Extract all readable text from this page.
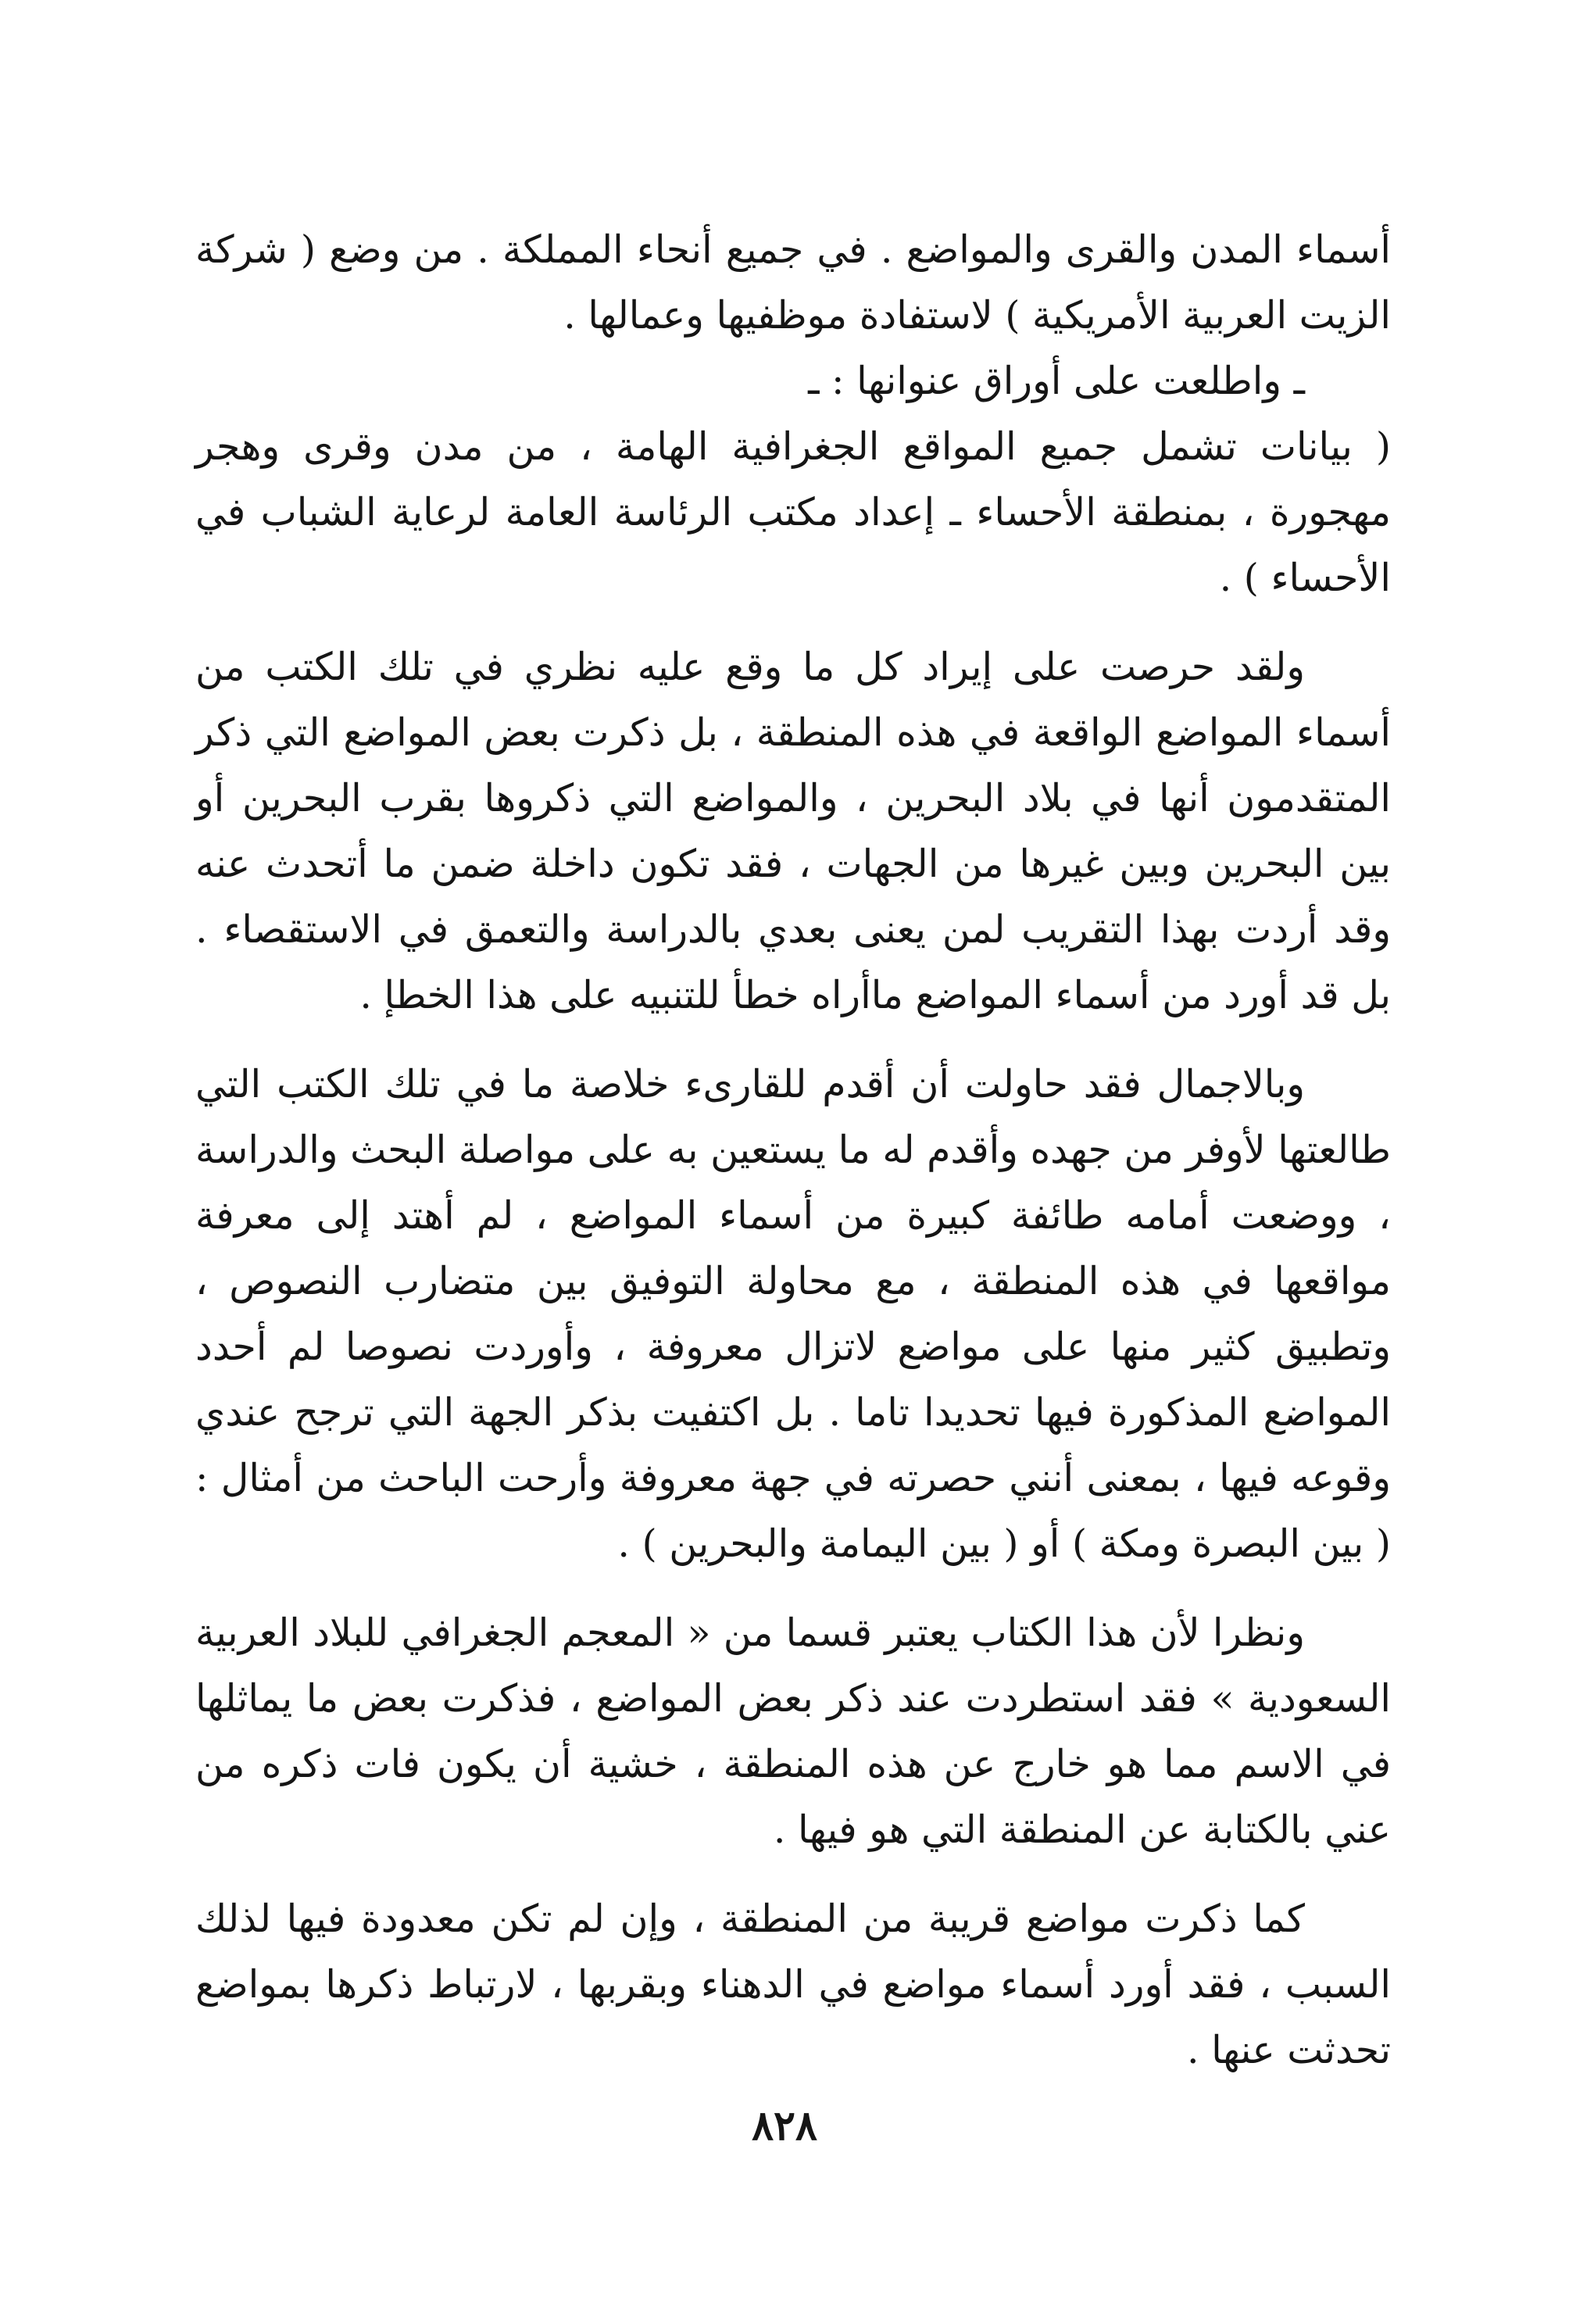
أسماء المدن والقرى والمواضع . في جميع أنحاء المملكة . من وضع ( شركة الزيت العربية الأمريكية ) لاستفادة موظفيها وعمالها .

ـ واطلعت على أوراق عنوانها : ـ

( بيانات تشمل جميع المواقع الجغرافية الهامة ، من مدن وقرى وهجر مهجورة ، بمنطقة الأحساء ـ إعداد مكتب الرئاسة العامة لرعاية الشباب في الأحساء ) .

ولقد حرصت على إيراد كل ما وقع عليه نظري في تلك الكتب من أسماء المواضع الواقعة في هذه المنطقة ، بل ذكرت بعض المواضع التي ذكر المتقدمون أنها في بلاد البحرين ، والمواضع التي ذكروها بقرب البحرين أو بين البحرين وبين غيرها من الجهات ، فقد تكون داخلة ضمن ما أتحدث عنه وقد أردت بهذا التقريب لمن يعنى بعدي بالدراسة والتعمق في الاستقصاء . بل قد أورد من أسماء المواضع ماأراه خطأ للتنبيه على هذا الخطإ .

وبالاجمال فقد حاولت أن أقدم للقارىء خلاصة ما في تلك الكتب التي طالعتها لأوفر من جهده وأقدم له ما يستعين به على مواصلة البحث والدراسة ، ووضعت أمامه طائفة كبيرة من أسماء المواضع ، لم أهتد إلى معرفة مواقعها في هذه المنطقة ، مع محاولة التوفيق بين متضارب النصوص ، وتطبيق كثير منها على مواضع لاتزال معروفة ، وأوردت نصوصا لم أحدد المواضع المذكورة فيها تحديدا تاما . بل اكتفيت بذكر الجهة التي ترجح عندي وقوعه فيها ، بمعنى أنني حصرته في جهة معروفة وأرحت الباحث من أمثال : ( بين البصرة ومكة ) أو ( بين اليمامة والبحرين ) .

ونظرا لأن هذا الكتاب يعتبر قسما من « المعجم الجغرافي للبلاد العربية السعودية » فقد استطردت عند ذكر بعض المواضع ، فذكرت بعض ما يماثلها في الاسم مما هو خارج عن هذه المنطقة ، خشية أن يكون فات ذكره من عني بالكتابة عن المنطقة التي هو فيها .

كما ذكرت مواضع قريبة من المنطقة ، وإن لم تكن معدودة فيها لذلك السبب ، فقد أورد أسماء مواضع في الدهناء وبقربها ، لارتباط ذكرها بمواضع تحدثت عنها .

٨٢٨
